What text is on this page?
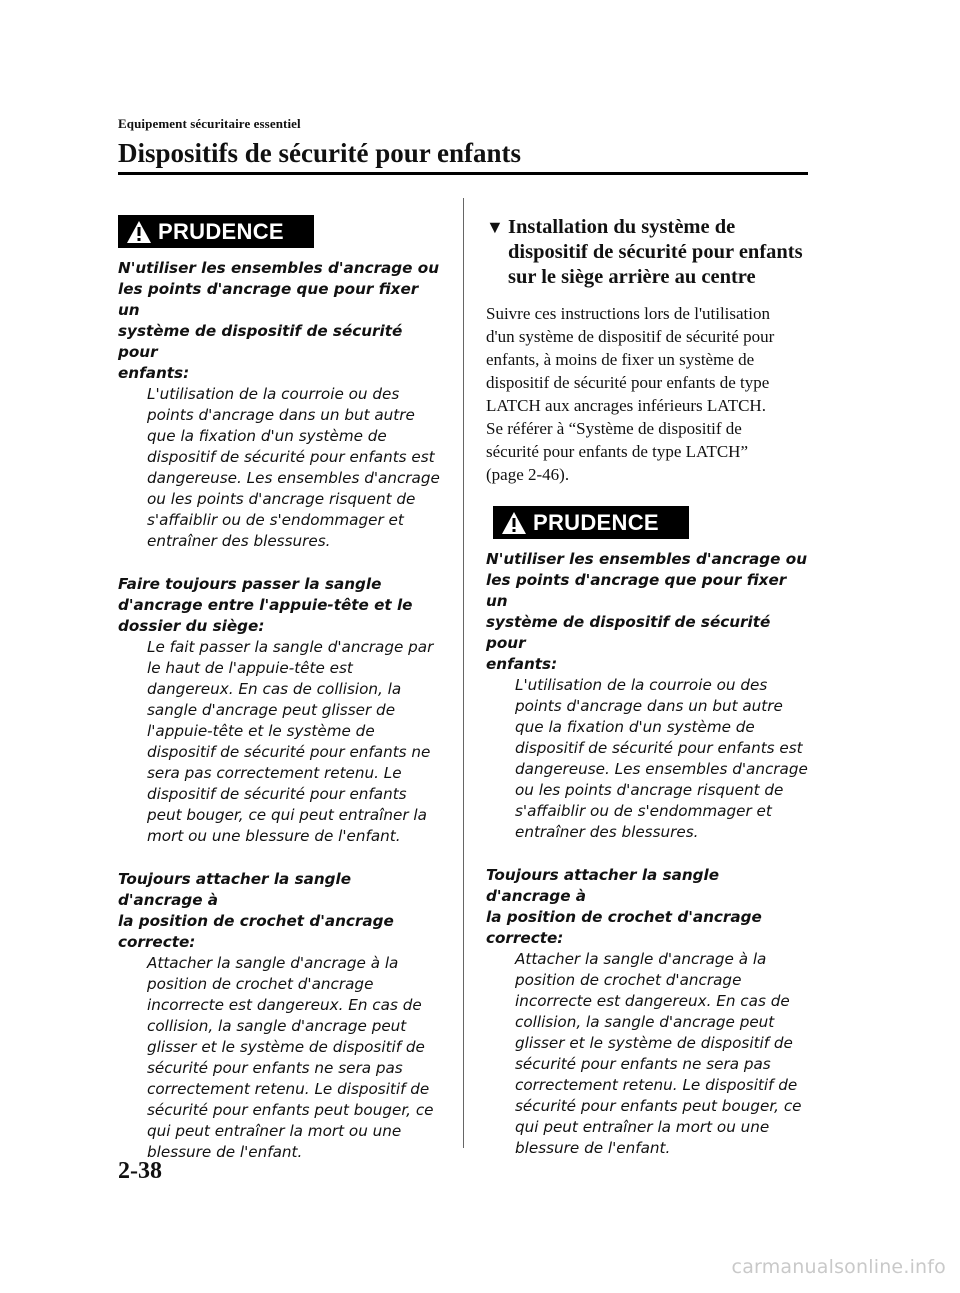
Equipement sécuritaire essentiel
Dispositifs de sécurité pour enfants
PRUDENCE
N'utiliser les ensembles d'ancrage ou
les points d'ancrage que pour fixer un
système de dispositif de sécurité pour
enfants:
L'utilisation de la courroie ou des
points d'ancrage dans un but autre
que la fixation d'un système de
dispositif de sécurité pour enfants est
dangereuse. Les ensembles d'ancrage
ou les points d'ancrage risquent de
s'affaiblir ou de s'endommager et
entraîner des blessures.
Faire toujours passer la sangle
d'ancrage entre l'appuie-tête et le
dossier du siège:
Le fait passer la sangle d'ancrage par
le haut de l'appuie-tête est
dangereux. En cas de collision, la
sangle d'ancrage peut glisser de
l'appuie-tête et le système de
dispositif de sécurité pour enfants ne
sera pas correctement retenu. Le
dispositif de sécurité pour enfants
peut bouger, ce qui peut entraîner la
mort ou une blessure de l'enfant.
Toujours attacher la sangle d'ancrage à
la position de crochet d'ancrage
correcte:
Attacher la sangle d'ancrage à la
position de crochet d'ancrage
incorrecte est dangereux. En cas de
collision, la sangle d'ancrage peut
glisser et le système de dispositif de
sécurité pour enfants ne sera pas
correctement retenu. Le dispositif de
sécurité pour enfants peut bouger, ce
qui peut entraîner la mort ou une
blessure de l'enfant.
▼ Installation du système de
dispositif de sécurité pour enfants
sur le siège arrière au centre
Suivre ces instructions lors de l'utilisation
d'un système de dispositif de sécurité pour
enfants, à moins de fixer un système de
dispositif de sécurité pour enfants de type
LATCH aux ancrages inférieurs LATCH.
Se référer à “Système de dispositif de
sécurité pour enfants de type LATCH”
(page 2-46).
PRUDENCE
N'utiliser les ensembles d'ancrage ou
les points d'ancrage que pour fixer un
système de dispositif de sécurité pour
enfants:
L'utilisation de la courroie ou des
points d'ancrage dans un but autre
que la fixation d'un système de
dispositif de sécurité pour enfants est
dangereuse. Les ensembles d'ancrage
ou les points d'ancrage risquent de
s'affaiblir ou de s'endommager et
entraîner des blessures.
Toujours attacher la sangle d'ancrage à
la position de crochet d'ancrage
correcte:
Attacher la sangle d'ancrage à la
position de crochet d'ancrage
incorrecte est dangereux. En cas de
collision, la sangle d'ancrage peut
glisser et le système de dispositif de
sécurité pour enfants ne sera pas
correctement retenu. Le dispositif de
sécurité pour enfants peut bouger, ce
qui peut entraîner la mort ou une
blessure de l'enfant.
2-38
carmanualsonline.info
